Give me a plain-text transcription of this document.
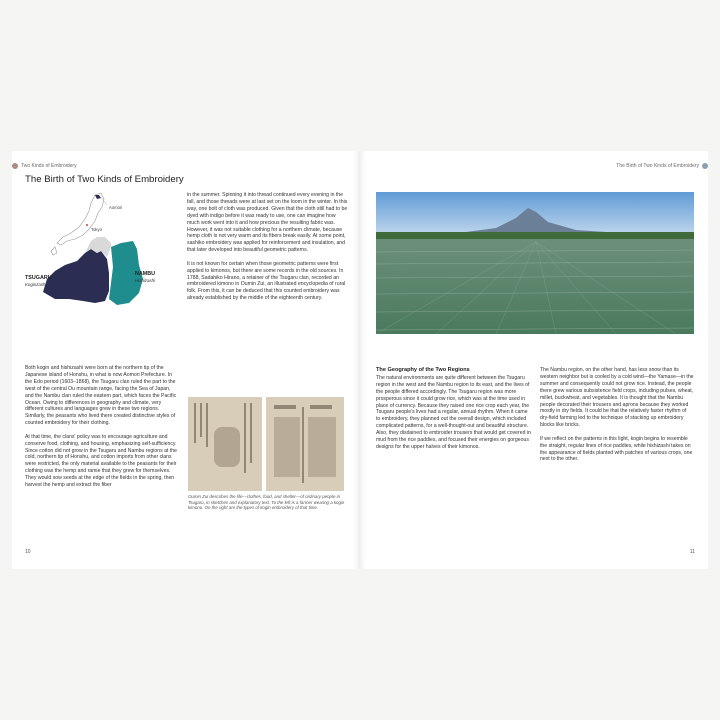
Two Kinds of Embroidery
The Birth of Two Kinds of Embroidery
Aomori
Tokyo
TSUGARU
Koginzashi
NAMBU
Hishizashi

Both kogin and hishizashi were born at the northern tip of the Japanese island of Honshu, in what is now Aomori Prefecture. In the Edo period (1603–1868), the Tsugaru clan ruled the part to the west of the central Ou mountain range, facing the Sea of Japan, and the Nambu clan ruled the eastern part, which faces the Pacific Ocean. Owing to differences in geography and climate, very different cultures and languages grew in these two regions. Similarly, the peasants who lived there created distinctive styles of counted embroidery for their clothing.

At that time, the clans' policy was to encourage agriculture and conserve food, clothing, and housing, emphasizing self-sufficiency. Since cotton did not grow in the Tsugaru and Nambu regions at the cold, northern tip of Honshu, and cotton imports from other clans were restricted, the only material available to the peasants for their clothing was the hemp and ramie that they grew for themselves. They would sow seeds at the edge of the fields in the spring, then harvest the hemp and extract the fiber

in the summer. Spinning it into thread continued every evening in the fall, and those threads were at last set on the loom in the winter. In this way, one bolt of cloth was produced. Given that the cloth still had to be dyed with indigo before it was ready to use, one can imagine how much work went into it and how precious the resulting fabric was. However, it was not suitable clothing for a northern climate, because hemp cloth is not very warm and its fibers break easily. At some point, sashiko embroidery was applied for reinforcement and insulation, and that later developed into beautiful geometric patterns.

It is not known for certain when those geometric patterns were first applied to kimonos, but there are some records in the old sources. In 1788, Sadahiko Hirano, a retainer of the Tsugaru clan, recorded an embroidered kimono in Oumin Zui, an illustrated encyclopedia of rural folk. From this, it can be deduced that this counted embroidery was already established by the middle of the eighteenth century.

Oumin Zui describes the life—clothes, food, and shelter—of ordinary people in Tsugaru, in sketches and explanatory text. To the left is a farmer wearing a kogin kimono. On the right are the types of kogin embroidery of that time.
10
The Birth of Two Kinds of Embroidery
The Geography of the Two Regions

The natural environments are quite different between the Tsugaru region in the west and the Nambu region to its east, and the lives of the people differed accordingly. The Tsugaru region was more prosperous since it could grow rice, which was at the time used in place of currency. Because they raised one rice crop each year, the Tsugaru people's lives had a regular, annual rhythm. When it came to embroidery, they planned out the overall design, which included complicated patterns, for a well-thought-out and beautiful structure. Also, they disdained to embroider trousers that would get covered in mud from the rice paddies, and focused their energies on gorgeous designs for the upper halves of their kimonos.

The Nambu region, on the other hand, has less snow than its western neighbor but is cooled by a cold wind—the Yamase—in the summer and consequently could not grow rice. Instead, the people there grew various subsistence field crops, including pulses, wheat, millet, buckwheat, and vegetables. It is thought that the Nambu people decorated their trousers and aprons because they worked mostly in dry fields. It could be that the relatively faster rhythm of dry-field farming led to the technique of stacking up embroidery blocks like bricks.

If we reflect on the patterns in this light, kogin begins to resemble the straight, regular lines of rice paddies, while hishizashi takes on the appearance of fields planted with patches of various crops, one next to the other.

11
